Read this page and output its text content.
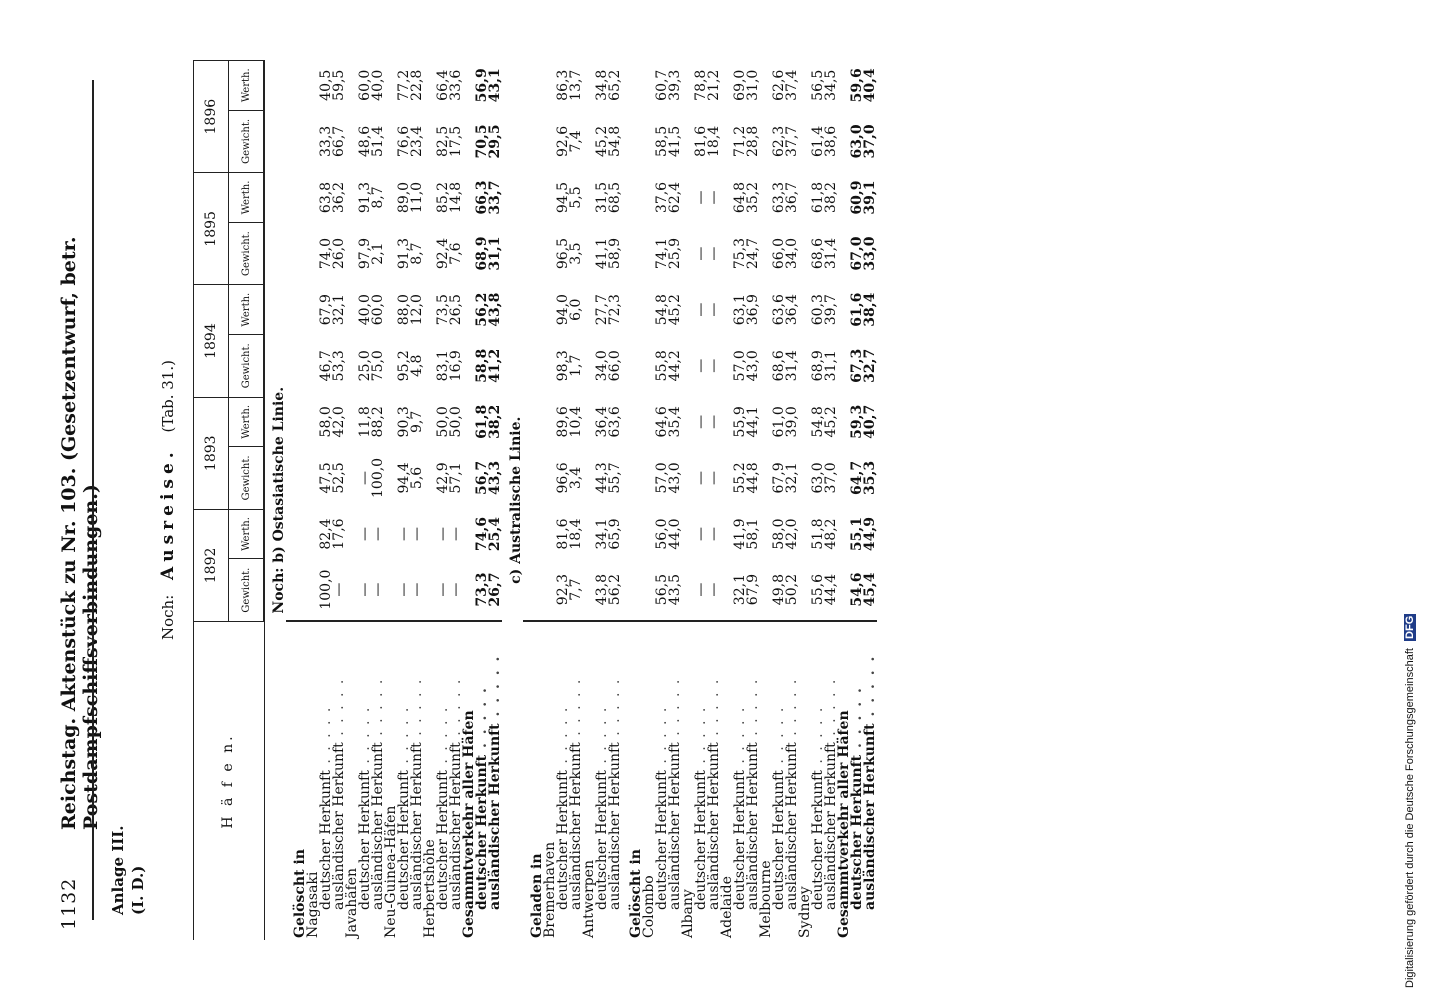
1132
Reichstag. Aktenstück zu Nr. 103. (Gesetzentwurf, betr. Postdampfschiffsverbindungen.)
Anlage III. (I. D.)
Noch: Ausreise. (Tab. 31.)
H ä f e n.	1892		1893		1894		1895		1896	
	Gewicht.	Werth.	Gewicht.	Werth.	Gewicht.	Werth.	Gewicht.	Werth.	Gewicht.	Werth.
Noch: b) Ostasiatische Linie.										
Gelöscht in										
Nagasaki										
deutscher Herkunft . . . . .	100,0	82,4	47,5	58,0	46,7	67,9	74,0	63,8	33,3	40,5
ausländischer Herkunft . . . . .	—	17,6	52,5	42,0	53,3	32,1	26,0	36,2	66,7	59,5
Javahäfen										
deutscher Herkunft . . . . .	—	—	—	11,8	25,0	40,0	97,9	91,3	48,6	60,0
ausländischer Herkunft . . . . .	—	—	100,0	88,2	75,0	60,0	2,1	8,7	51,4	40,0
Neu-Guinea-Häfen										
deutscher Herkunft . . . . .	—	—	94,4	90,3	95,2	88,0	91,3	89,0	76,6	77,2
ausländischer Herkunft . . . . .	—	—	5,6	9,7	4,8	12,0	8,7	11,0	23,4	22,8
Herbertshöhe										
deutscher Herkunft . . . . .	—	—	42,9	50,0	83,1	73,5	92,4	85,2	82,5	66,4
ausländischer Herkunft . . . . .	—	—	57,1	50,0	16,9	26,5	7,6	14,8	17,5	33,6
Gesammtverkehr aller Häfen										
deutscher Herkunft . . . . .	73,3	74,6	56,7	61,8	58,8	56,2	68,9	66,3	70,5	56,9
ausländischer Herkunft . . . . .	26,7	25,4	43,3	38,2	41,2	43,8	31,1	33,7	29,5	43,1
c) Australische Linie.										
Geladen in										
Bremerhaven										
deutscher Herkunft . . . . .	92,3	81,6	96,6	89,6	98,3	94,0	96,5	94,5	92,6	86,3
ausländischer Herkunft . . . . .	7,7	18,4	3,4	10,4	1,7	6,0	3,5	5,5	7,4	13,7
Antwerpen										
deutscher Herkunft . . . . .	43,8	34,1	44,3	36,4	34,0	27,7	41,1	31,5	45,2	34,8
ausländischer Herkunft . . . . .	56,2	65,9	55,7	63,6	66,0	72,3	58,9	68,5	54,8	65,2
Gelöscht in										
Colombo										
deutscher Herkunft . . . . .	56,5	56,0	57,0	64,6	55,8	54,8	74,1	37,6	58,5	60,7
ausländischer Herkunft . . . . .	43,5	44,0	43,0	35,4	44,2	45,2	25,9	62,4	41,5	39,3
Albany										
deutscher Herkunft . . . . .	—	—	—	—	—	—	—	—	81,6	78,8
ausländischer Herkunft . . . . .	—	—	—	—	—	—	—	—	18,4	21,2
Adelaide										
deutscher Herkunft . . . . .	32,1	41,9	55,2	55,9	57,0	63,1	75,3	64,8	71,2	69,0
ausländischer Herkunft . . . . .	67,9	58,1	44,8	44,1	43,0	36,9	24,7	35,2	28,8	31,0
Melbourne										
deutscher Herkunft . . . . .	49,8	58,0	67,9	61,0	68,6	63,6	66,0	63,3	62,3	62,6
ausländischer Herkunft . . . . .	50,2	42,0	32,1	39,0	31,4	36,4	34,0	36,7	37,7	37,4
Sydney										
deutscher Herkunft . . . . .	55,6	51,8	63,0	54,8	68,9	60,3	68,6	61,8	61,4	56,5
ausländischer Herkunft . . . . .	44,4	48,2	37,0	45,2	31,1	39,7	31,4	38,2	38,6	34,5
Gesammtverkehr aller Häfen										
deutscher Herkunft . . . . .	54,6	55,1	64,7	59,3	67,3	61,6	67,0	60,9	63,0	59,6
ausländischer Herkunft . . . . .	45,4	44,9	35,3	40,7	32,7	38,4	33,0	39,1	37,0	40,4
Digitalisierung gefördert durch die Deutsche Forschungsgemeinschaft DFG
